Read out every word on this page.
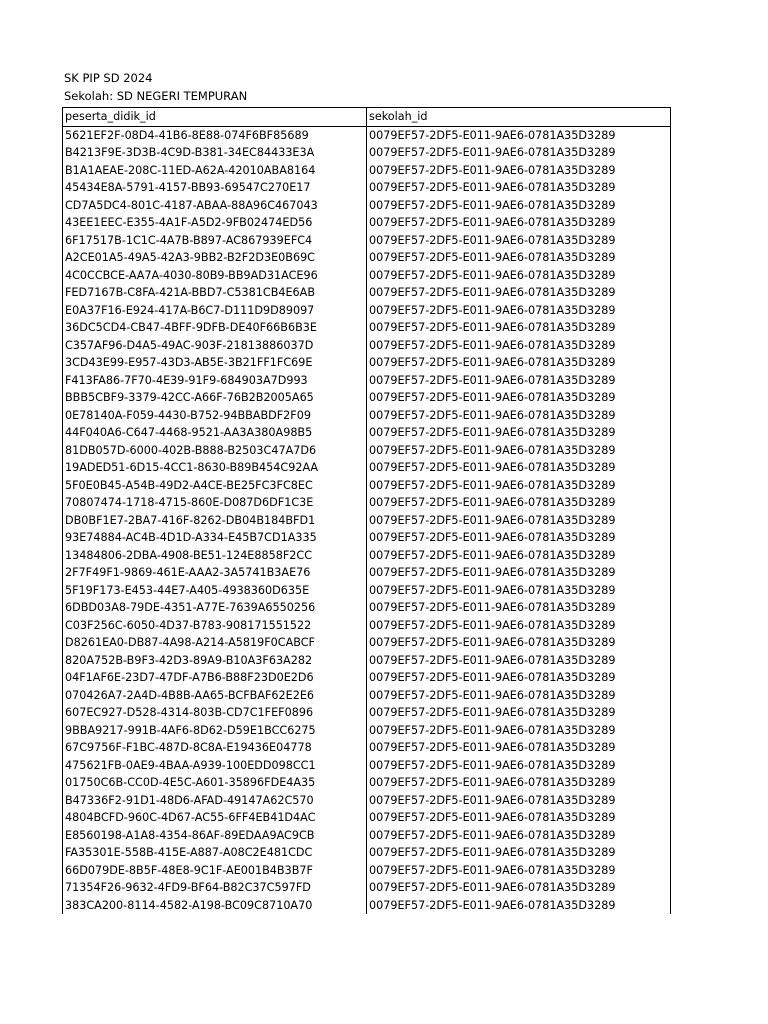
SK PIP SD 2024
Sekolah: SD NEGERI TEMPURAN
peserta_didik_id	sekolah_id
5621EF2F-08D4-41B6-8E88-074F6BF85689	0079EF57-2DF5-E011-9AE6-0781A35D3289
B4213F9E-3D3B-4C9D-B381-34EC84433E3A	0079EF57-2DF5-E011-9AE6-0781A35D3289
B1A1AEAE-208C-11ED-A62A-42010ABA8164	0079EF57-2DF5-E011-9AE6-0781A35D3289
45434E8A-5791-4157-BB93-69547C270E17	0079EF57-2DF5-E011-9AE6-0781A35D3289
CD7A5DC4-801C-4187-ABAA-88A96C467043	0079EF57-2DF5-E011-9AE6-0781A35D3289
43EE1EEC-E355-4A1F-A5D2-9FB02474ED56	0079EF57-2DF5-E011-9AE6-0781A35D3289
6F17517B-1C1C-4A7B-B897-AC867939EFC4	0079EF57-2DF5-E011-9AE6-0781A35D3289
A2CE01A5-49A5-42A3-9BB2-B2F2D3E0B69C	0079EF57-2DF5-E011-9AE6-0781A35D3289
4C0CCBCE-AA7A-4030-80B9-BB9AD31ACE96	0079EF57-2DF5-E011-9AE6-0781A35D3289
FED7167B-C8FA-421A-BBD7-C5381CB4E6AB	0079EF57-2DF5-E011-9AE6-0781A35D3289
E0A37F16-E924-417A-B6C7-D111D9D89097	0079EF57-2DF5-E011-9AE6-0781A35D3289
36DC5CD4-CB47-4BFF-9DFB-DE40F66B6B3E	0079EF57-2DF5-E011-9AE6-0781A35D3289
C357AF96-D4A5-49AC-903F-21813886037D	0079EF57-2DF5-E011-9AE6-0781A35D3289
3CD43E99-E957-43D3-AB5E-3B21FF1FC69E	0079EF57-2DF5-E011-9AE6-0781A35D3289
F413FA86-7F70-4E39-91F9-684903A7D993	0079EF57-2DF5-E011-9AE6-0781A35D3289
BBB5CBF9-3379-42CC-A66F-76B2B2005A65	0079EF57-2DF5-E011-9AE6-0781A35D3289
0E78140A-F059-4430-B752-94BBABDF2F09	0079EF57-2DF5-E011-9AE6-0781A35D3289
44F040A6-C647-4468-9521-AA3A380A98B5	0079EF57-2DF5-E011-9AE6-0781A35D3289
81DB057D-6000-402B-B888-B2503C47A7D6	0079EF57-2DF5-E011-9AE6-0781A35D3289
19ADED51-6D15-4CC1-8630-B89B454C92AA	0079EF57-2DF5-E011-9AE6-0781A35D3289
5F0E0B45-A54B-49D2-A4CE-BE25FC3FC8EC	0079EF57-2DF5-E011-9AE6-0781A35D3289
70807474-1718-4715-860E-D087D6DF1C3E	0079EF57-2DF5-E011-9AE6-0781A35D3289
DB0BF1E7-2BA7-416F-8262-DB04B184BFD1	0079EF57-2DF5-E011-9AE6-0781A35D3289
93E74884-AC4B-4D1D-A334-E45B7CD1A335	0079EF57-2DF5-E011-9AE6-0781A35D3289
13484806-2DBA-4908-BE51-124E8858F2CC	0079EF57-2DF5-E011-9AE6-0781A35D3289
2F7F49F1-9869-461E-AAA2-3A5741B3AE76	0079EF57-2DF5-E011-9AE6-0781A35D3289
5F19F173-E453-44E7-A405-4938360D635E	0079EF57-2DF5-E011-9AE6-0781A35D3289
6DBD03A8-79DE-4351-A77E-7639A6550256	0079EF57-2DF5-E011-9AE6-0781A35D3289
C03F256C-6050-4D37-B783-908171551522	0079EF57-2DF5-E011-9AE6-0781A35D3289
D8261EA0-DB87-4A98-A214-A5819F0CABCF	0079EF57-2DF5-E011-9AE6-0781A35D3289
820A752B-B9F3-42D3-89A9-B10A3F63A282	0079EF57-2DF5-E011-9AE6-0781A35D3289
04F1AF6E-23D7-47DF-A7B6-B88F23D0E2D6	0079EF57-2DF5-E011-9AE6-0781A35D3289
070426A7-2A4D-4B8B-AA65-BCFBAF62E2E6	0079EF57-2DF5-E011-9AE6-0781A35D3289
607EC927-D528-4314-803B-CD7C1FEF0896	0079EF57-2DF5-E011-9AE6-0781A35D3289
9BBA9217-991B-4AF6-8D62-D59E1BCC6275	0079EF57-2DF5-E011-9AE6-0781A35D3289
67C9756F-F1BC-487D-8C8A-E19436E04778	0079EF57-2DF5-E011-9AE6-0781A35D3289
475621FB-0AE9-4BAA-A939-100EDD098CC1	0079EF57-2DF5-E011-9AE6-0781A35D3289
01750C6B-CC0D-4E5C-A601-35896FDE4A35	0079EF57-2DF5-E011-9AE6-0781A35D3289
B47336F2-91D1-48D6-AFAD-49147A62C570	0079EF57-2DF5-E011-9AE6-0781A35D3289
4804BCFD-960C-4D67-AC55-6FF4EB41D4AC	0079EF57-2DF5-E011-9AE6-0781A35D3289
E8560198-A1A8-4354-86AF-89EDAA9AC9CB	0079EF57-2DF5-E011-9AE6-0781A35D3289
FA35301E-558B-415E-A887-A08C2E481CDC	0079EF57-2DF5-E011-9AE6-0781A35D3289
66D079DE-8B5F-48E8-9C1F-AE001B4B3B7F	0079EF57-2DF5-E011-9AE6-0781A35D3289
71354F26-9632-4FD9-BF64-B82C37C597FD	0079EF57-2DF5-E011-9AE6-0781A35D3289
383CA200-8114-4582-A198-BC09C8710A70	0079EF57-2DF5-E011-9AE6-0781A35D3289
